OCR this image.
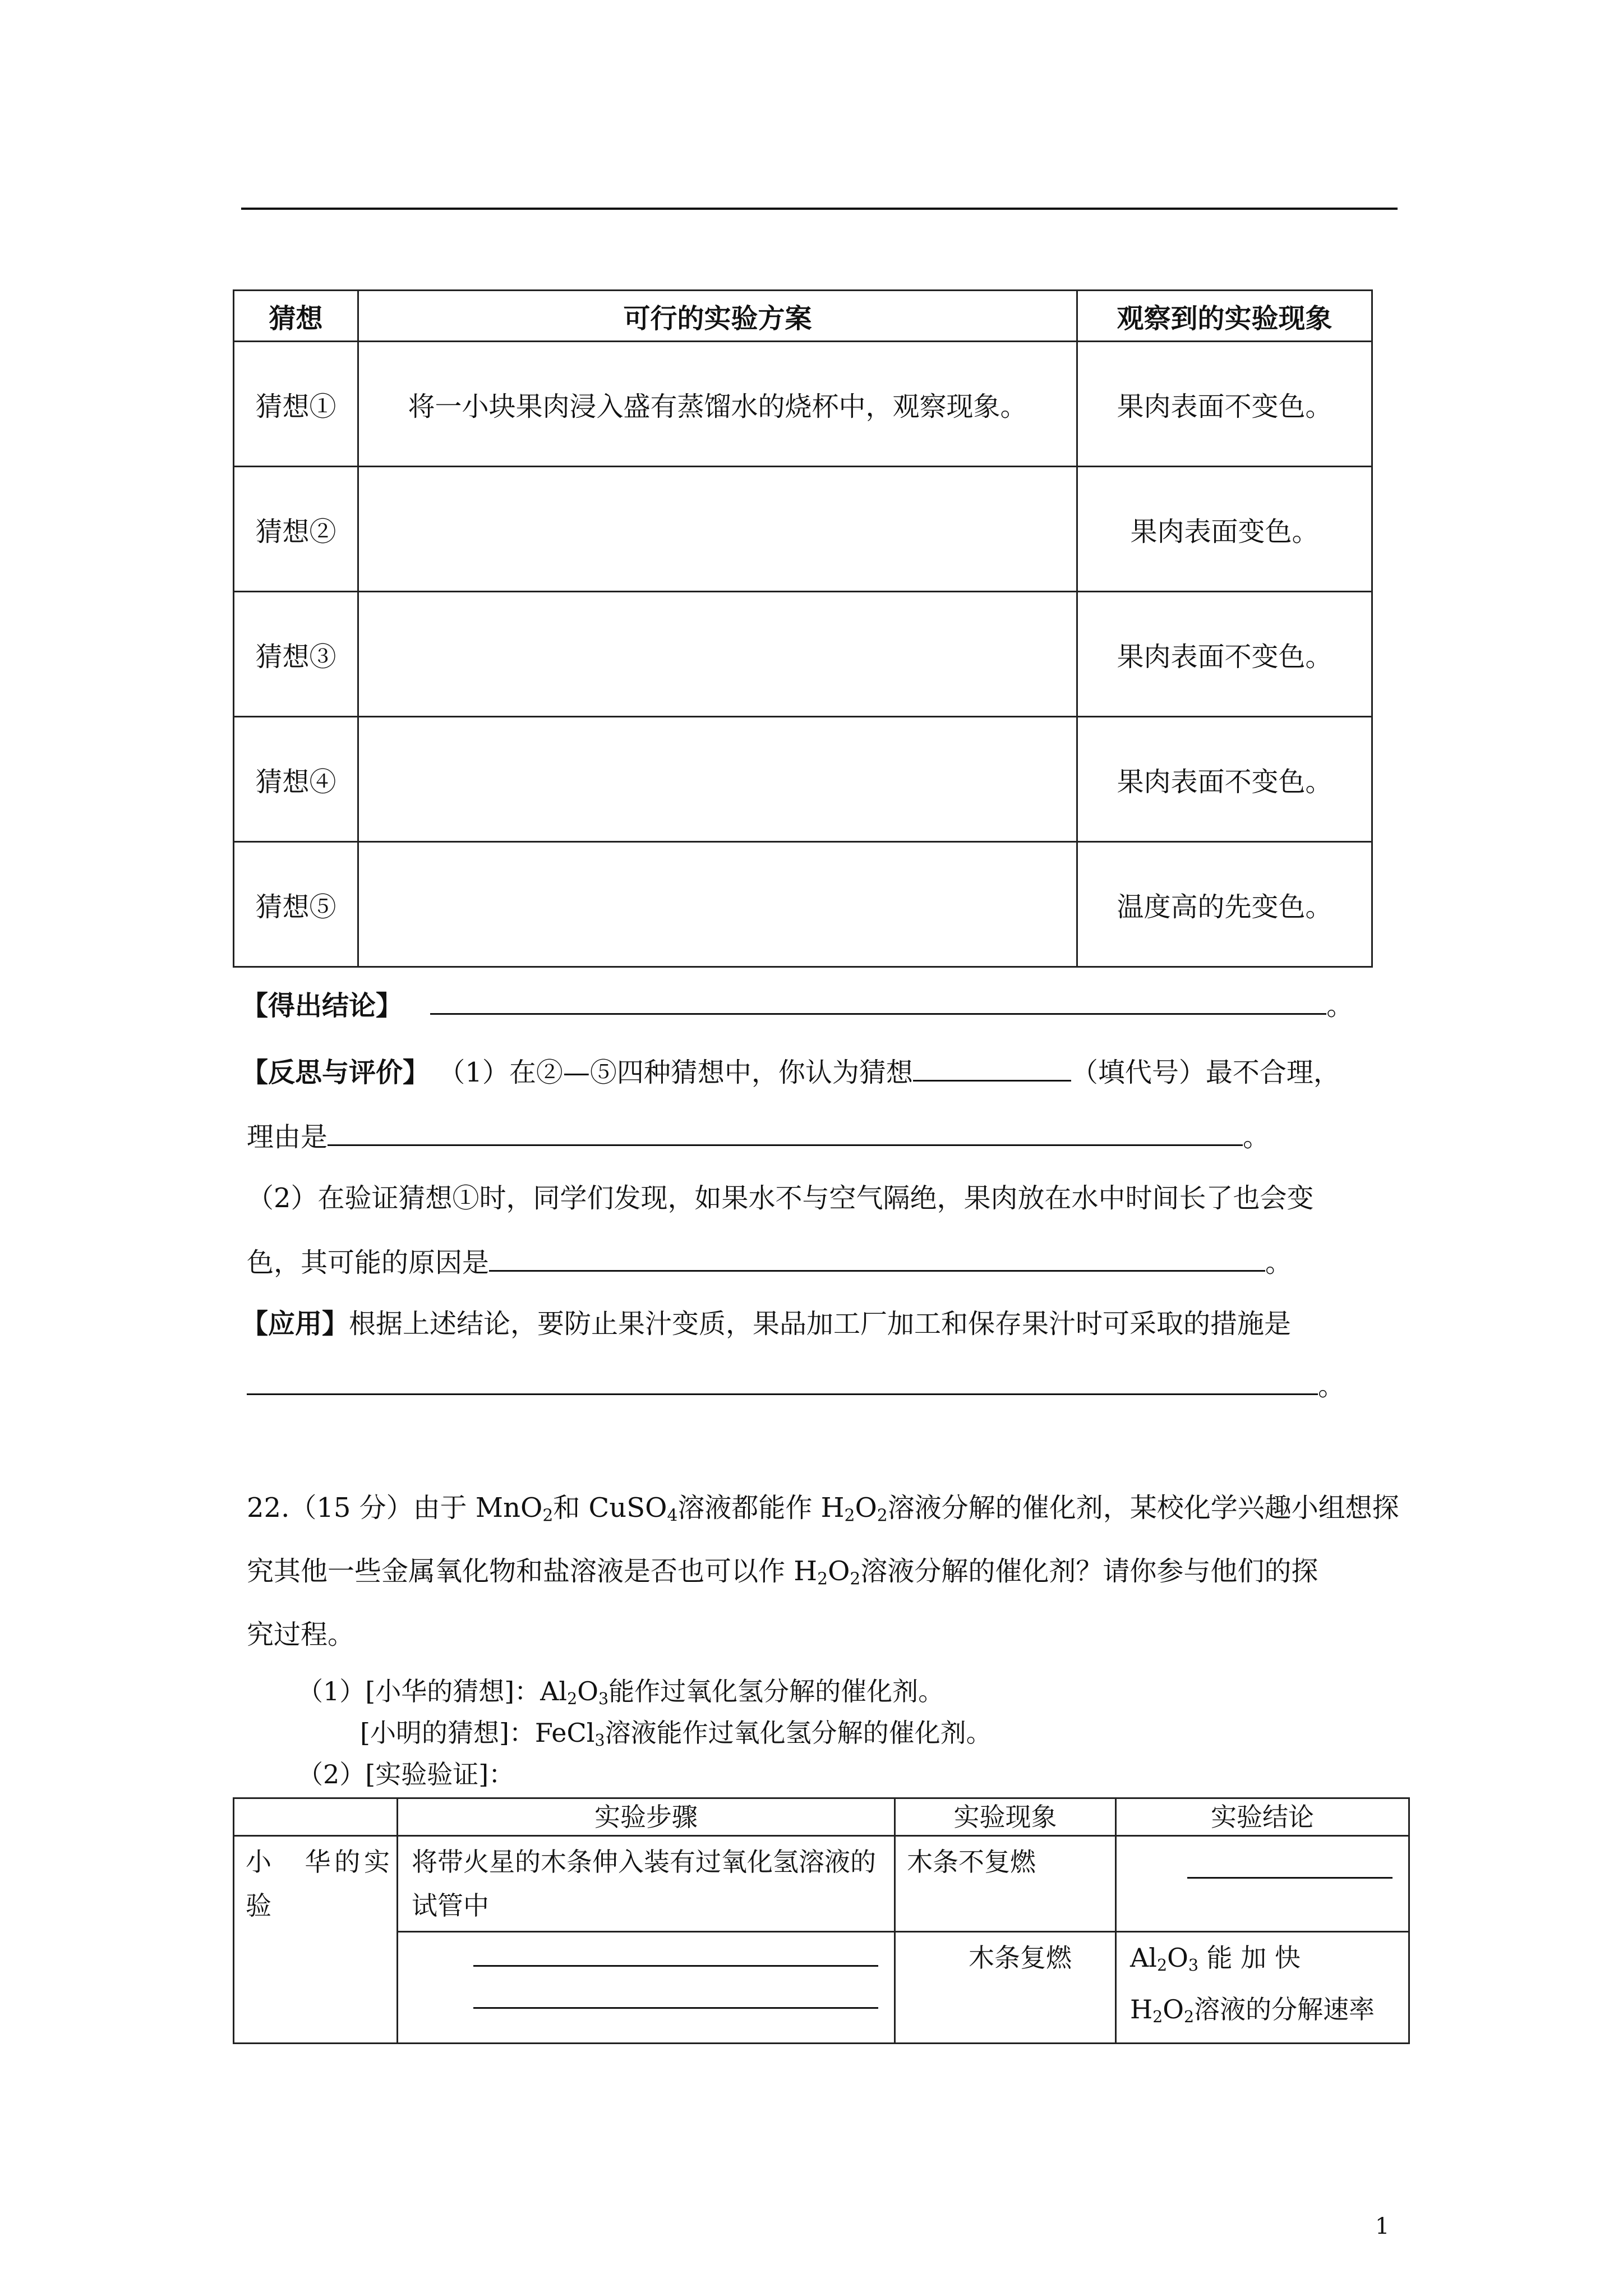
猜想	可行的实验方案	观察到的实验现象
猜想①	将一小块果肉浸入盛有蒸馏水的烧杯中，观察现象。	果肉表面不变色。
猜想②		果肉表面变色。
猜想③		果肉表面不变色。
猜想④		果肉表面不变色。
猜想⑤		温度高的先变色。
【得出结论】	。
【反思与评价】 （1）在②—⑤四种猜想中，你认为猜想	（填代号）最不合理，
理由是	。
（2）在验证猜想①时，同学们发现，如果水不与空气隔绝，果肉放在水中时间长了也会变
色，其可能的原因是	。
【应用】根据上述结论，要防止果汁变质，果品加工厂加工和保存果汁时可采取的措施是
。
22.（15 分）由于 MnO$_2$和 CuSO$_4$溶液都能作 $H_2O_2$溶液分解的催化剂，某校化学兴趣小组想探
究其他一些金属氧化物和盐溶液是否也可以作 $H_2O_2$溶液分解的催化剂？请你参与他们的探
究过程。
（1）[小华的猜想]：$Al_2O_3$能作过氧化氢分解的催化剂。
[小明的猜想]：FeCl$_3$溶液能作过氧化氢分解的催化剂。
（2）[实验验证]：
	实验步骤	实验现象	实验结论
小　华的实验	将带火星的木条伸入装有过氧化氢溶液的试管中	木条不复燃	

		木条复燃	$Al_2O_3$ 能 加 快
$H_2O_2$溶液的分解速率
1
